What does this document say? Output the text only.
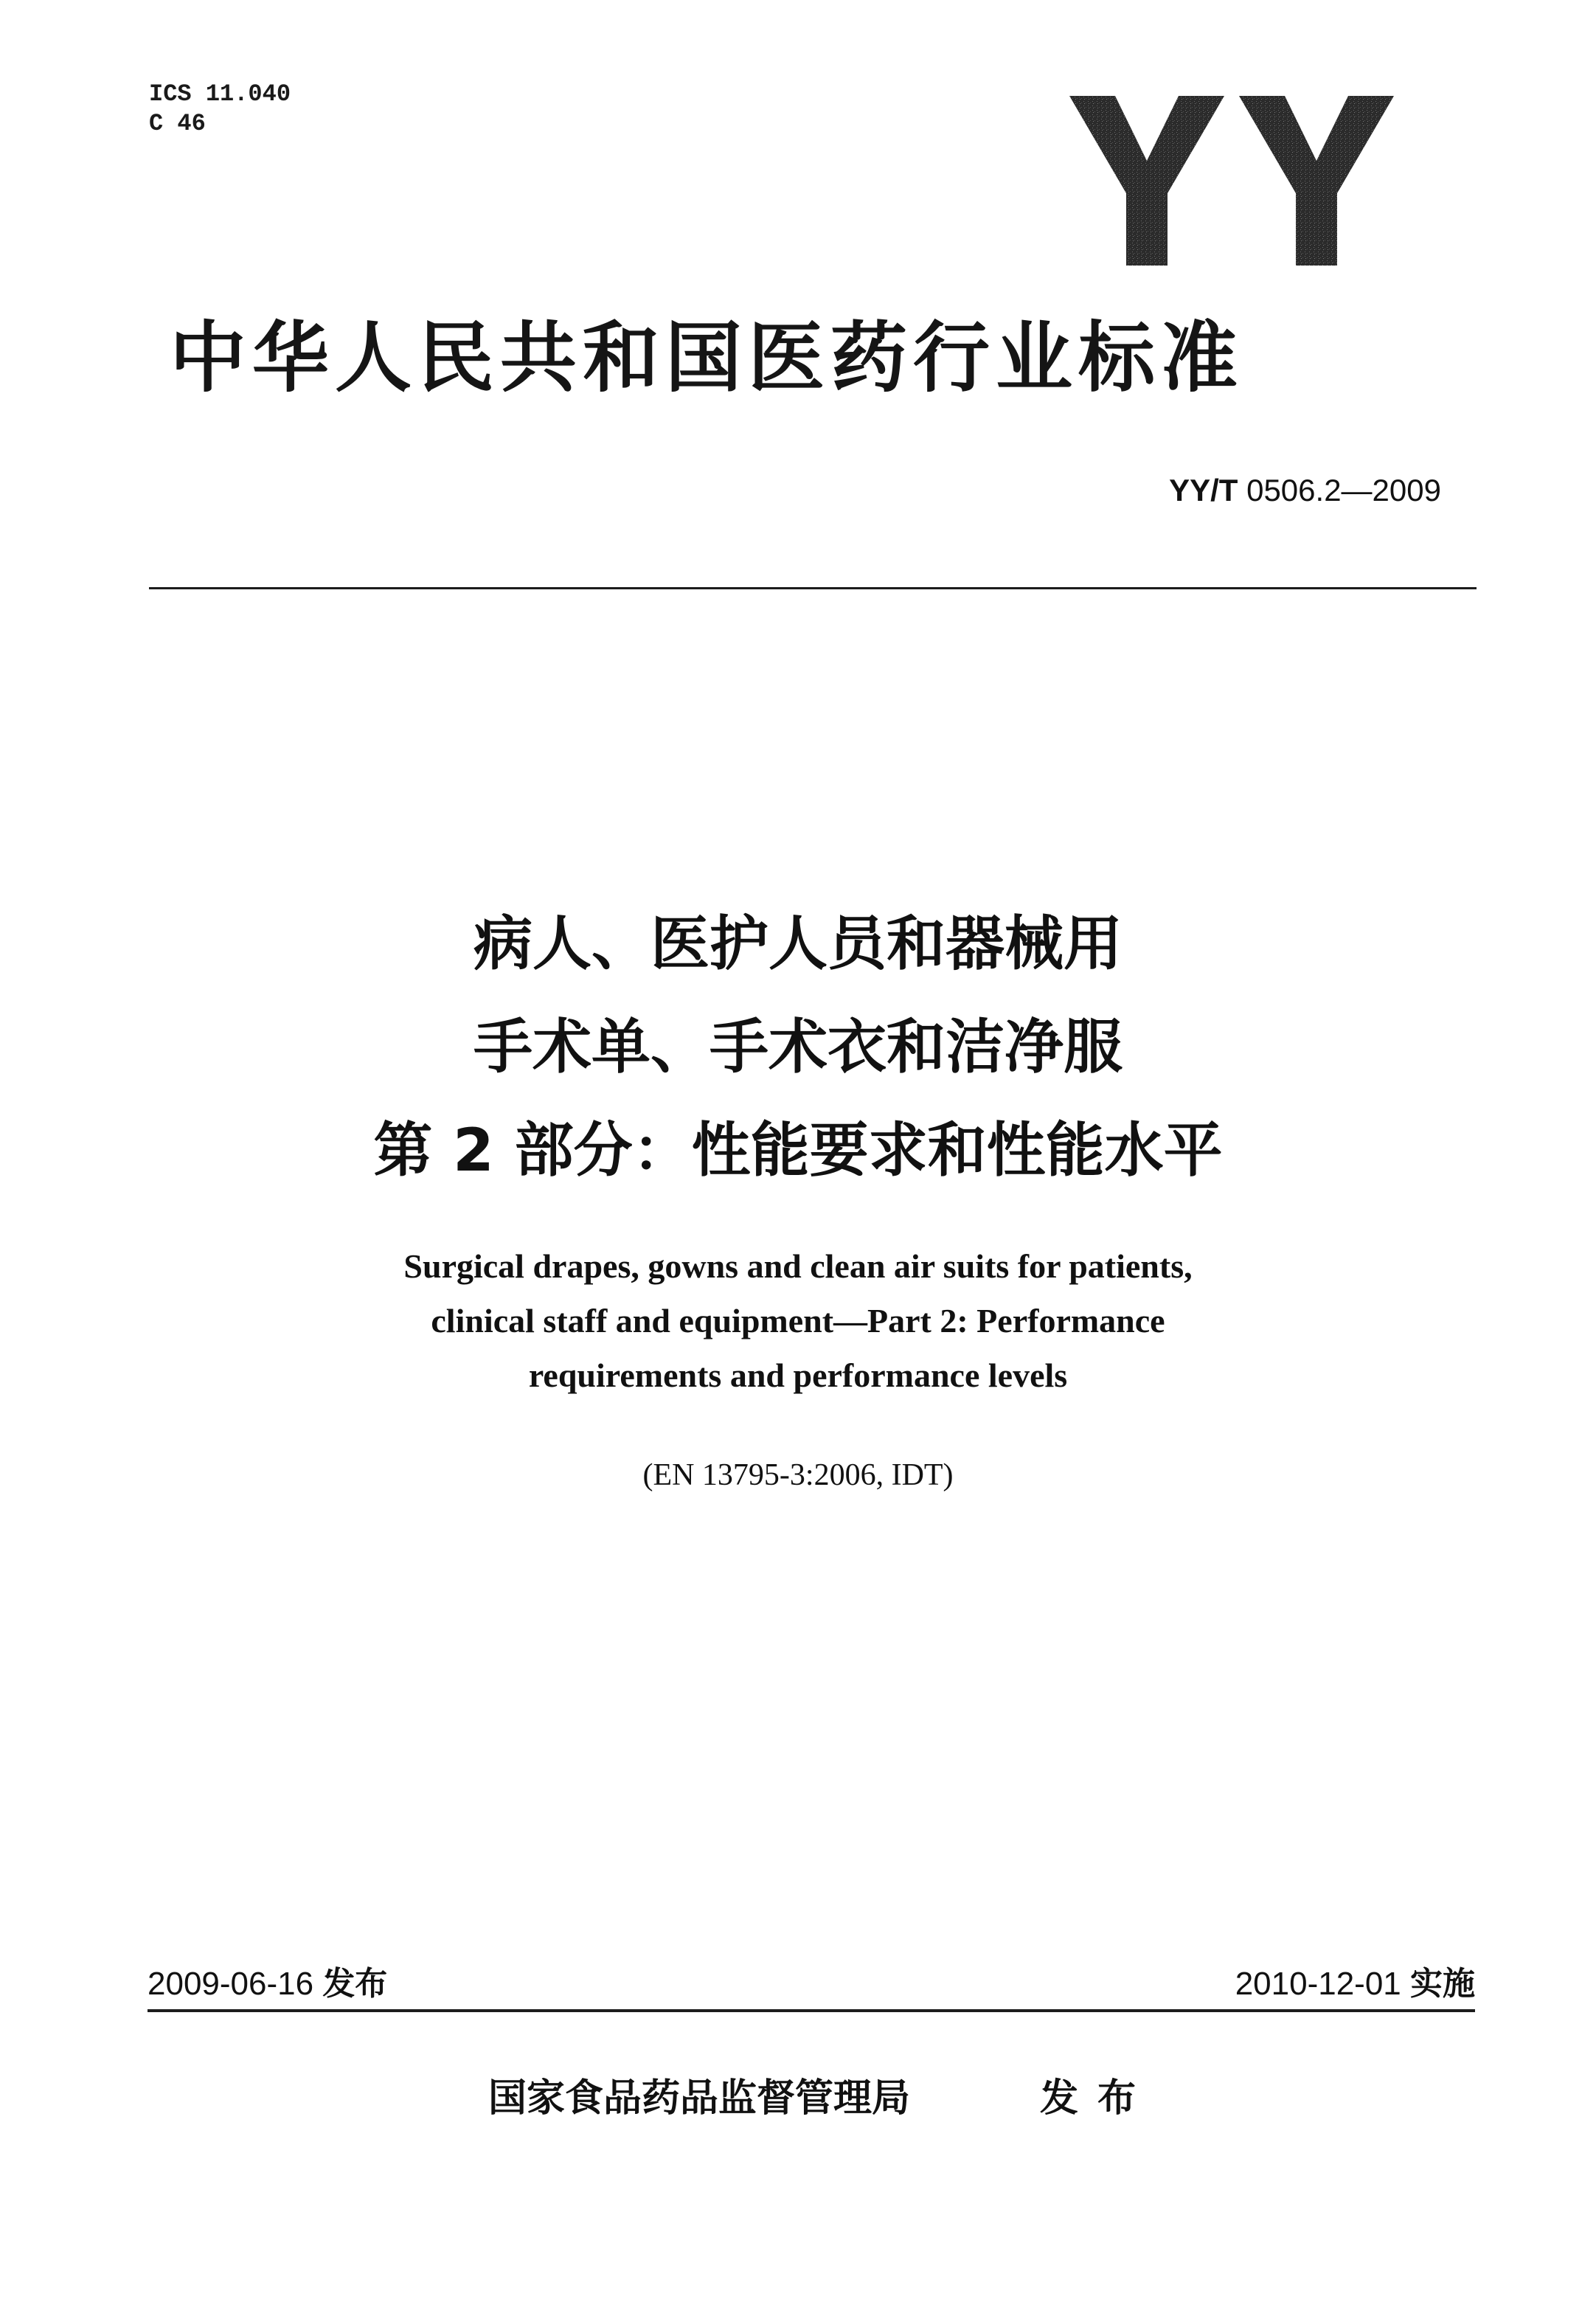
ICS 11.040
C 46
中华人民共和国医药行业标准
YY/T 0506.2—2009
病人、医护人员和器械用
手术单、手术衣和洁净服
第 2 部分：性能要求和性能水平
Surgical drapes, gowns and clean air suits for patients,
clinical staff and equipment—Part 2: Performance
requirements and performance levels
(EN 13795-3:2006, IDT)
2009-06-16 发布	2010-12-01 实施
国家食品药品监督管理局	发布
